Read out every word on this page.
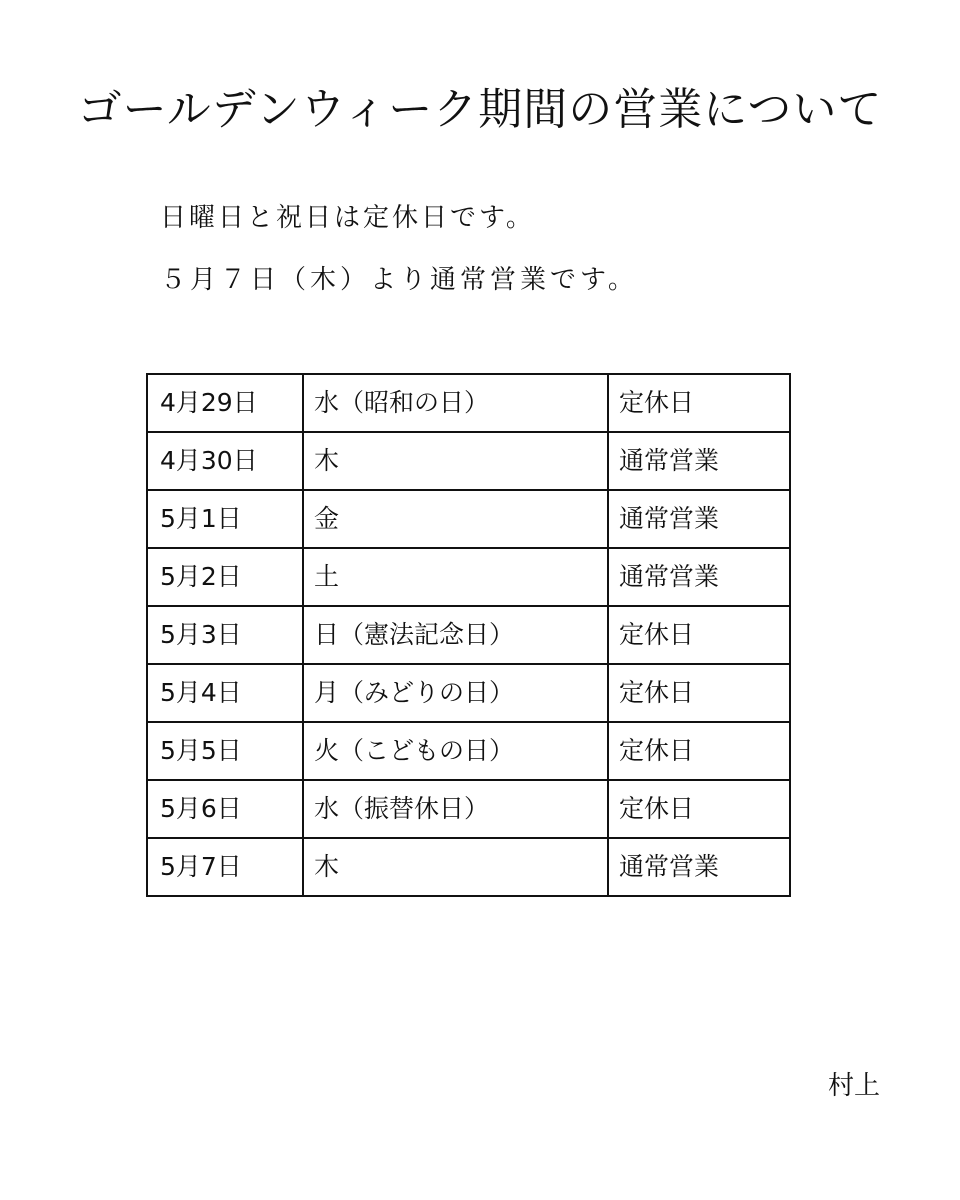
ゴールデンウィーク期間の営業について

日曜日と祝日は定休日です。

５月７日（木）より通常営業です。

4月29日	水（昭和の日）	定休日
4月30日	木	通常営業
5月1日	金	通常営業
5月2日	土	通常営業
5月3日	日（憲法記念日）	定休日
5月4日	月（みどりの日）	定休日
5月5日	火（こどもの日）	定休日
5月6日	水（振替休日）	定休日
5月7日	木	通常営業

村上
